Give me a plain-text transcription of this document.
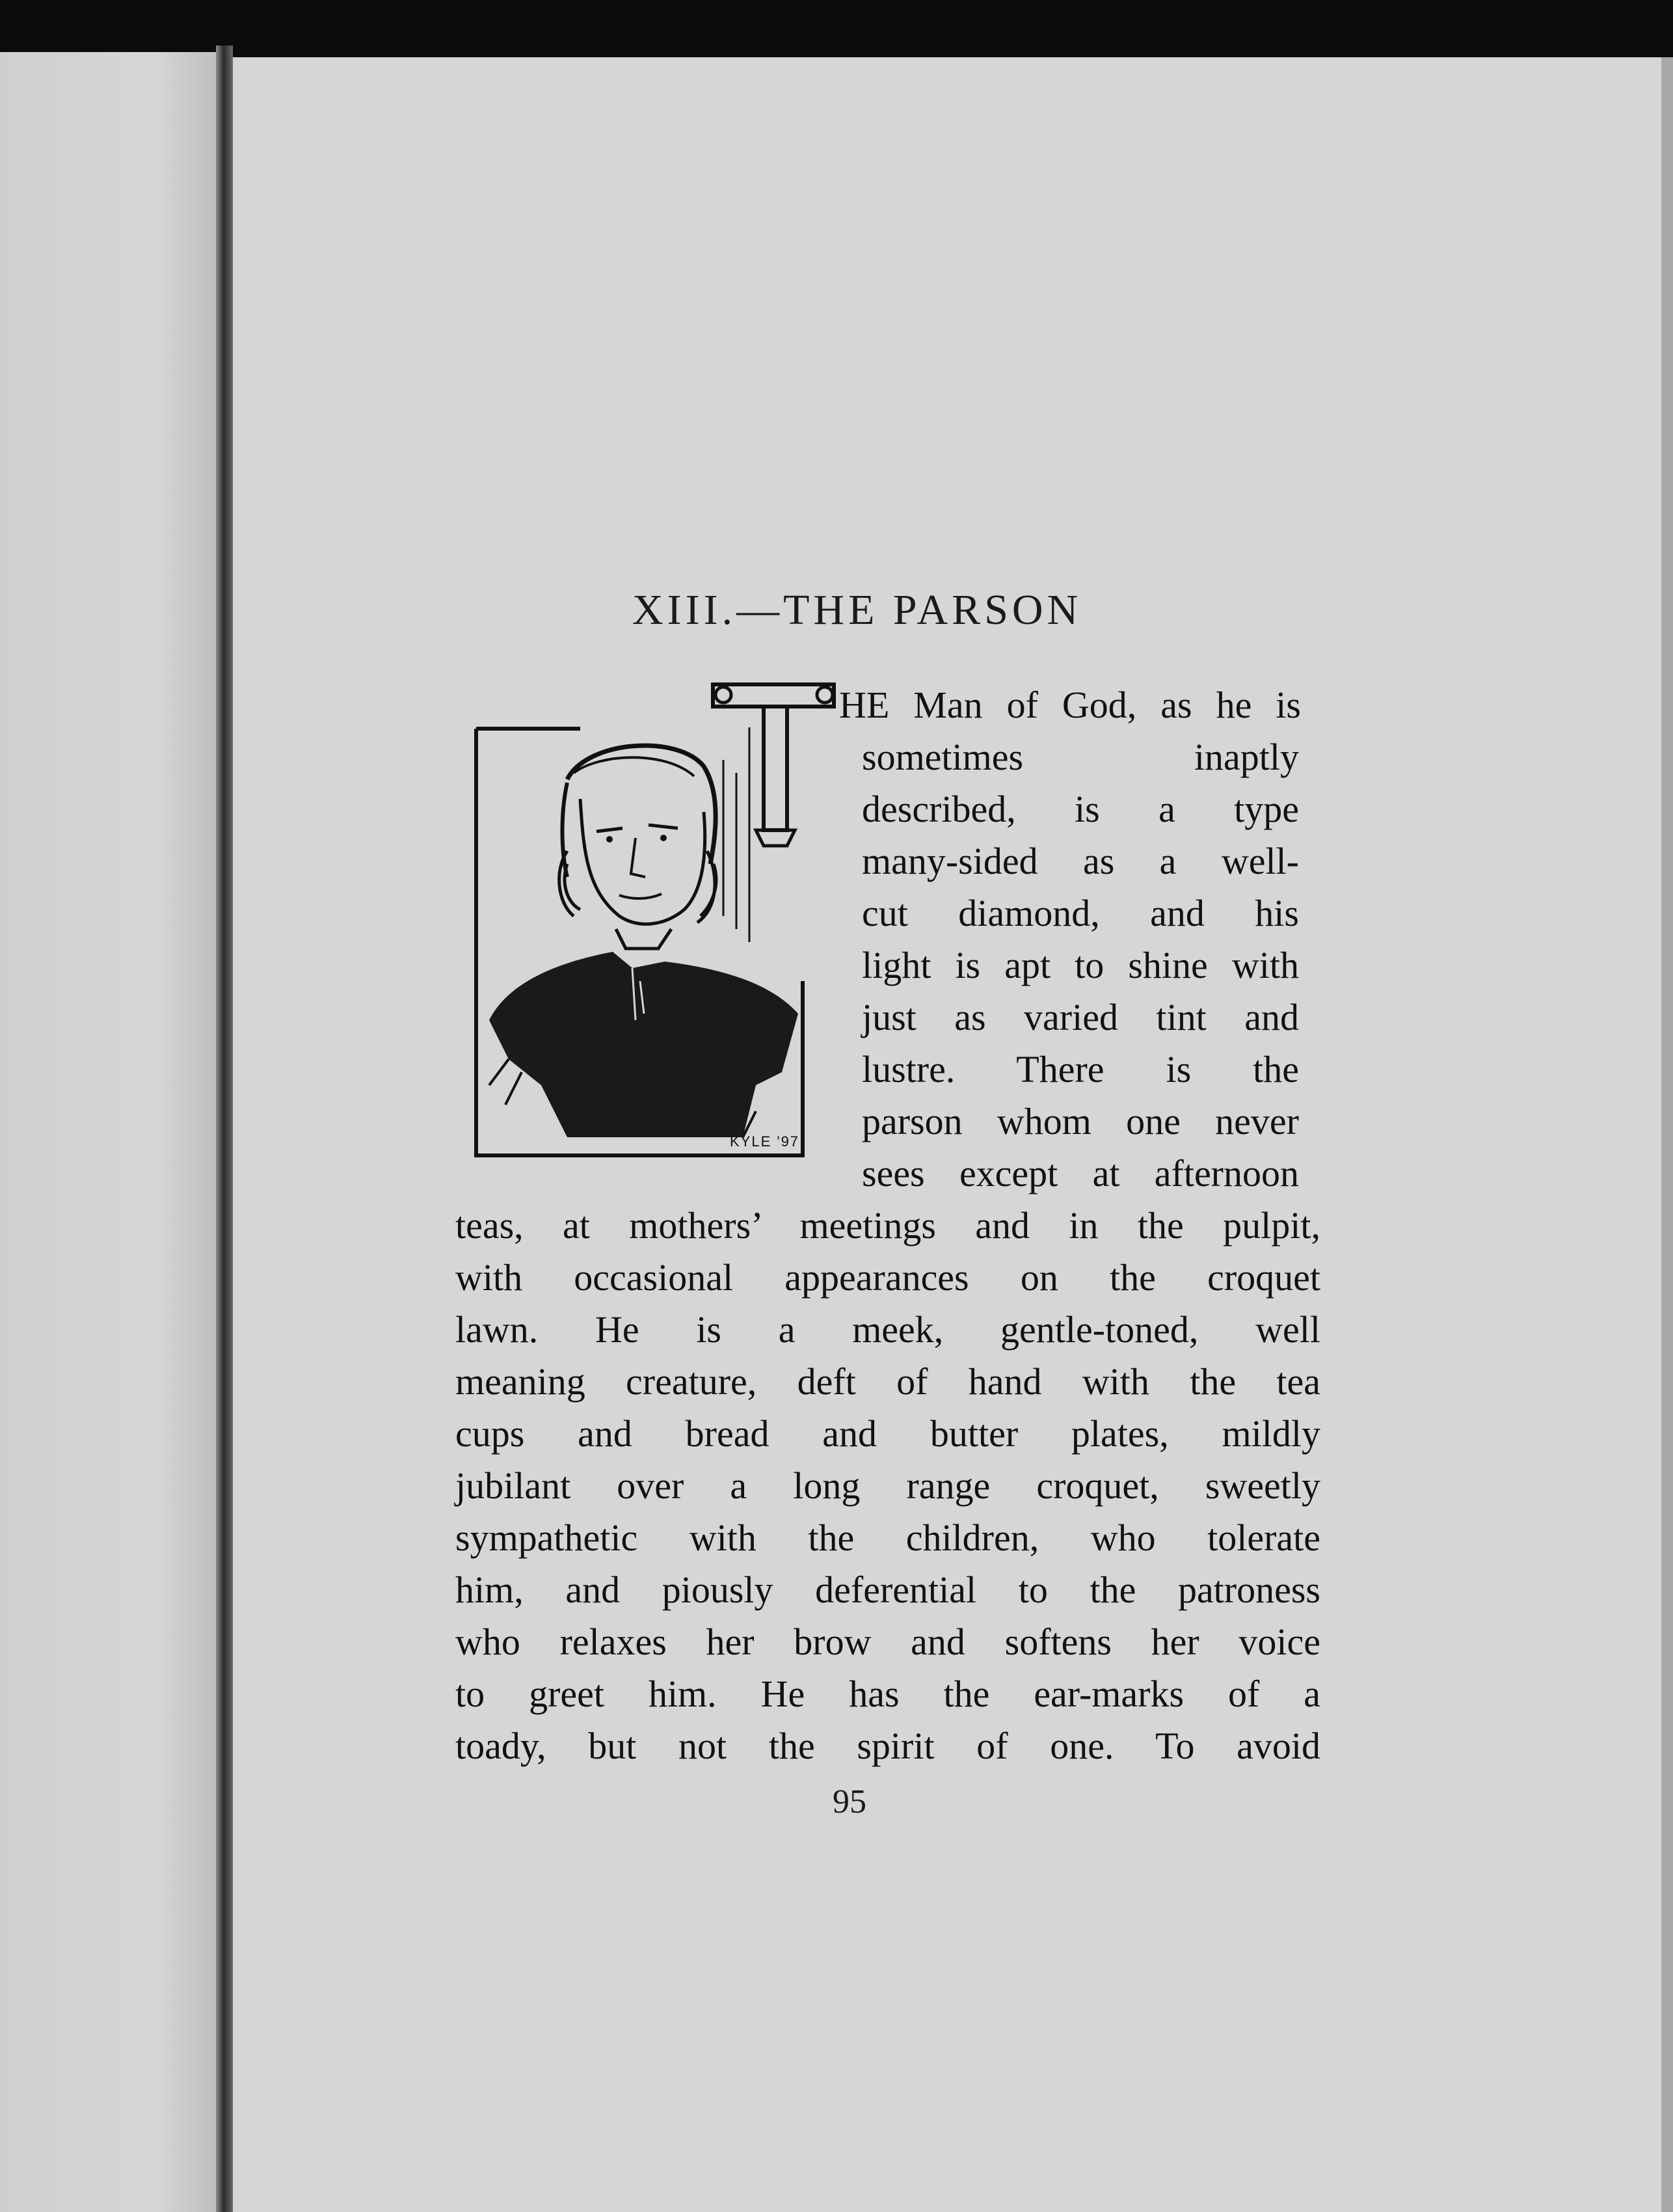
XIII.—THE PARSON
KYLE '97
HE Man of God, as he is
sometimes inaptly
described, is a type
many-sided as a well-
cut diamond, and his
light is apt to shine with
just as varied tint and
lustre. There is the
parson whom one never
sees except at afternoon
teas, at mothers’ meetings and in the pulpit,
with occasional appearances on the croquet
lawn. He is a meek, gentle-toned, well
meaning creature, deft of hand with the tea
cups and bread and butter plates, mildly
jubilant over a long range croquet, sweetly
sympathetic with the children, who tolerate
him, and piously deferential to the patroness
who relaxes her brow and softens her voice
to greet him. He has the ear-marks of a
toady, but not the spirit of one. To avoid
95
